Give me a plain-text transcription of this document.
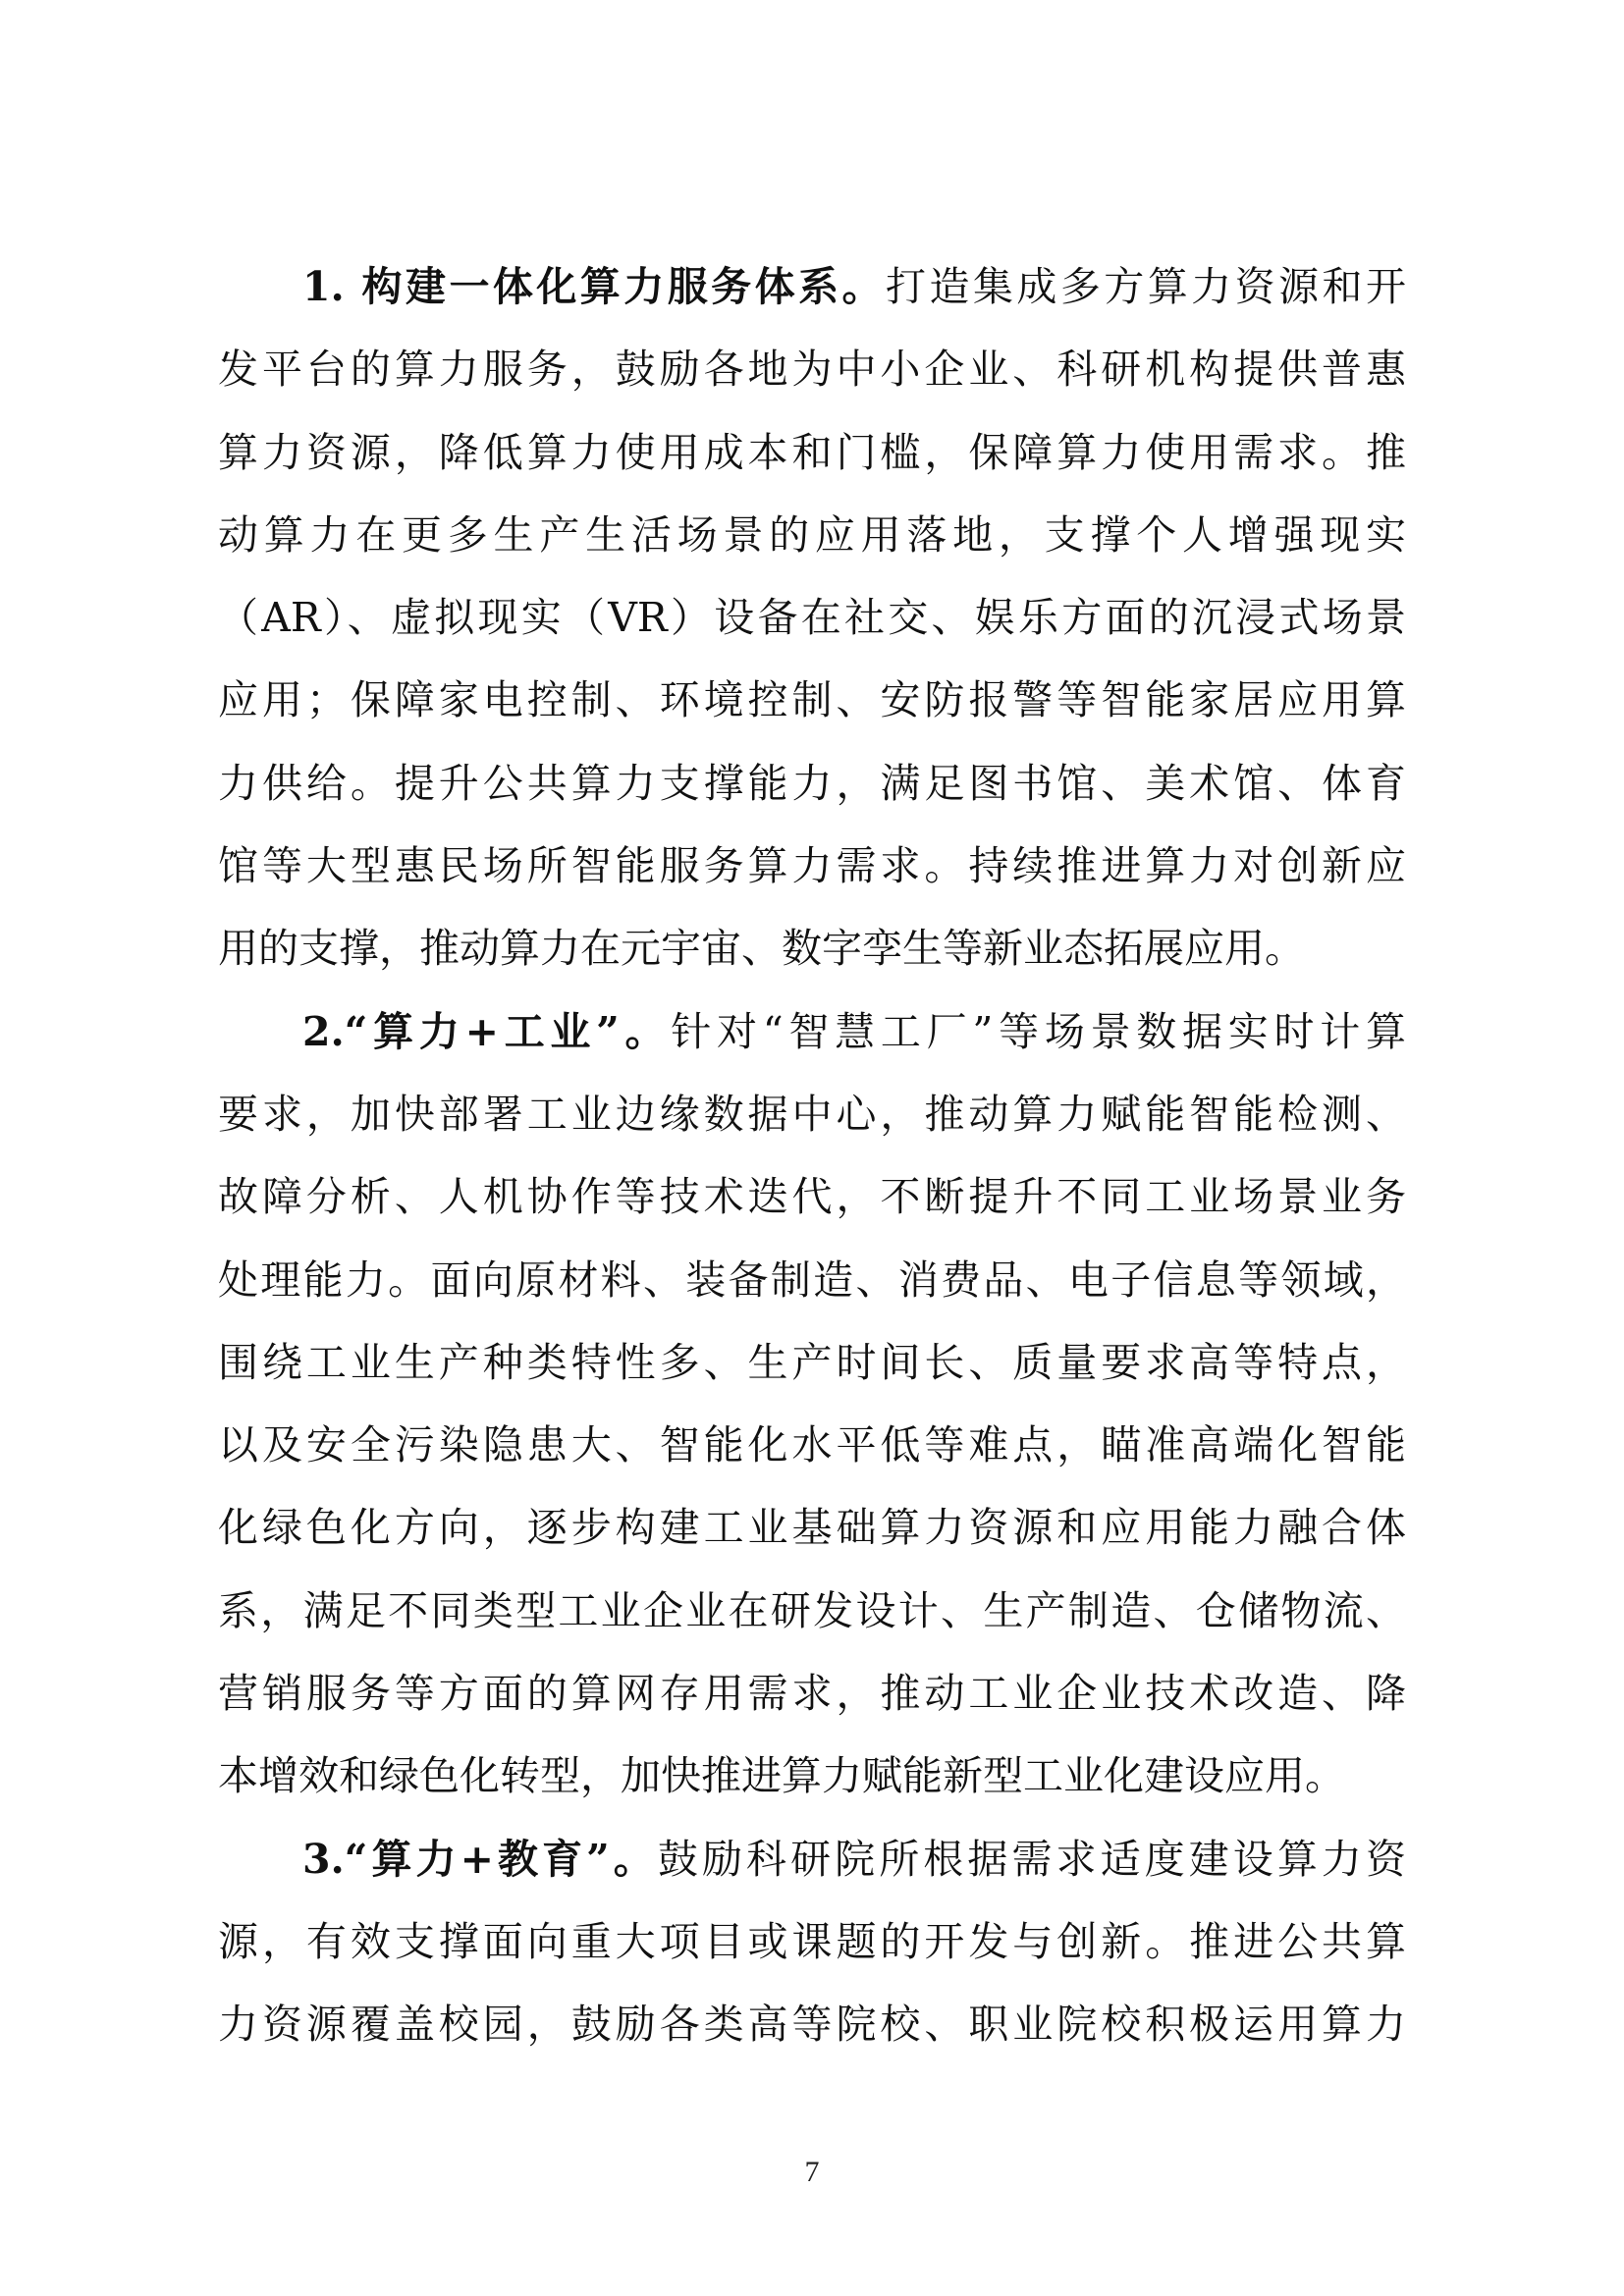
1. 构建一体化算力服务体系。打造集成多方算力资源和开
发平台的算力服务，鼓励各地为中小企业、科研机构提供普惠
算力资源，降低算力使用成本和门槛，保障算力使用需求。推
动算力在更多生产生活场景的应用落地，支撑个人增强现实
（AR）、虚拟现实（VR）设备在社交、娱乐方面的沉浸式场景
应用；保障家电控制、环境控制、安防报警等智能家居应用算
力供给。提升公共算力支撑能力，满足图书馆、美术馆、体育
馆等大型惠民场所智能服务算力需求。持续推进算力对创新应
用的支撑，推动算力在元宇宙、数字孪生等新业态拓展应用。
2.“算力+工业”。针对“智慧工厂”等场景数据实时计算
要求，加快部署工业边缘数据中心，推动算力赋能智能检测、
故障分析、人机协作等技术迭代，不断提升不同工业场景业务
处理能力。面向原材料、装备制造、消费品、电子信息等领域，
围绕工业生产种类特性多、生产时间长、质量要求高等特点，
以及安全污染隐患大、智能化水平低等难点，瞄准高端化智能
化绿色化方向，逐步构建工业基础算力资源和应用能力融合体
系，满足不同类型工业企业在研发设计、生产制造、仓储物流、
营销服务等方面的算网存用需求，推动工业企业技术改造、降
本增效和绿色化转型，加快推进算力赋能新型工业化建设应用。
3.“算力+教育”。鼓励科研院所根据需求适度建设算力资
源，有效支撑面向重大项目或课题的开发与创新。推进公共算
力资源覆盖校园，鼓励各类高等院校、职业院校积极运用算力
7
